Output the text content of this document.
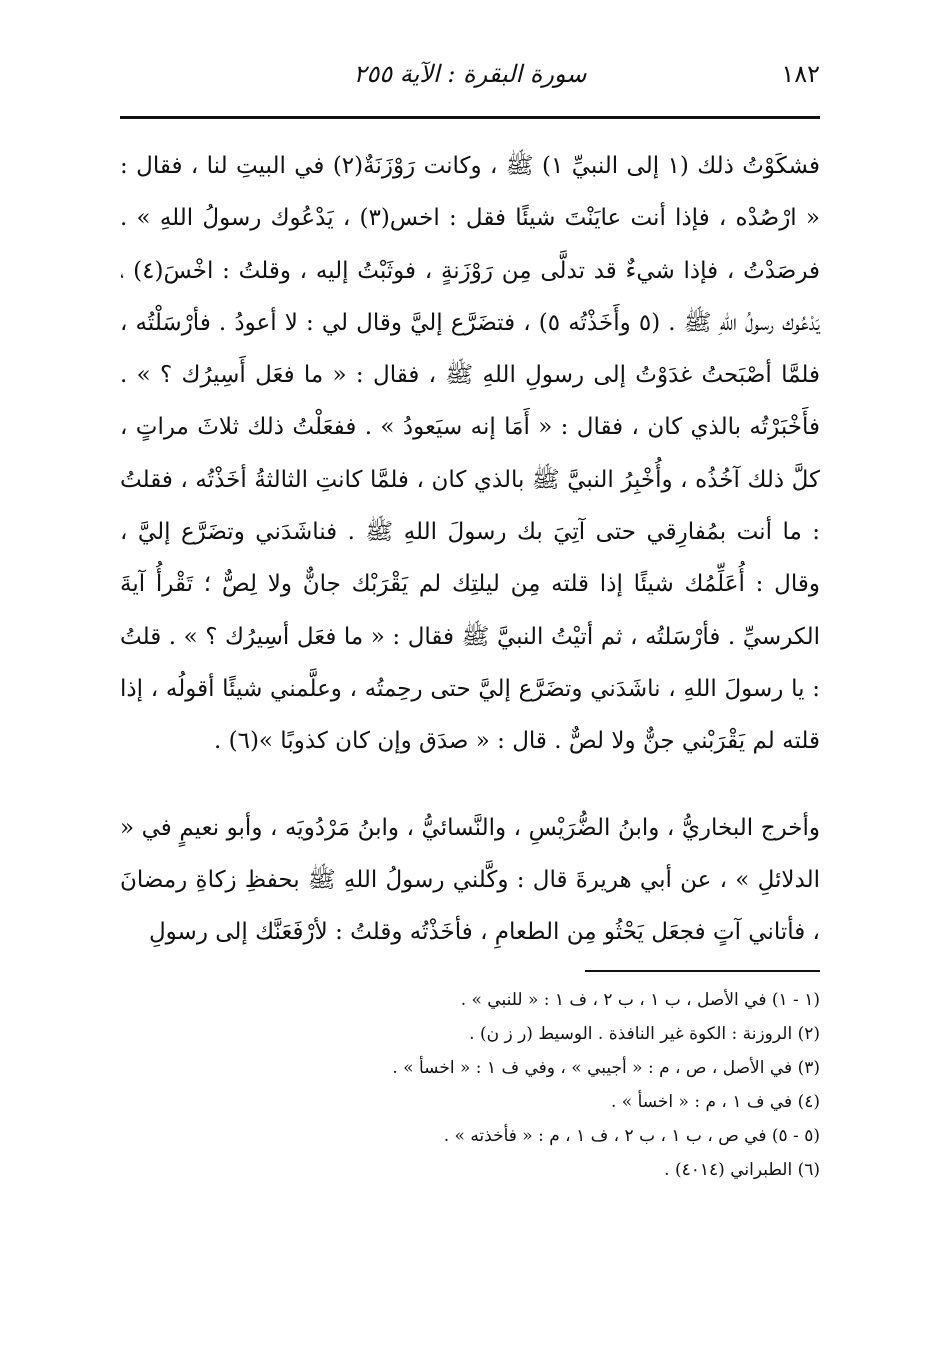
١٨٢
سورة البقرة : الآية ٢٥٥

فشكَوْتُ ذلك (١ إلى النبيِّ ١) ﷺ ، وكانت رَوْزَنَةٌ(٢) في البيتِ لنا ، فقال : « ارْصُدْه ، فإذا أنت عايَنْتَ شيئًا فقل : اخس(٣) ، يَدْعُوك رسولُ اللهِ » . فرصَدْتُ ، فإذا شيءٌ قد تدلَّى مِن رَوْزَنةٍ ، فوثَبْتُ إليه ، وقلتُ : اخْسَ(٤) ، يَدْعُوك رسولُ اللهِ ﷺ . (٥ وأَخَذْتُه ٥) ، فتضَرَّع إليَّ وقال لي : لا أعودُ . فأرْسَلْتُه ، فلمَّا أصْبَحتُ غدَوْتُ إلى رسولِ اللهِ ﷺ ، فقال : « ما فعَل أَسِيرُك ؟ » . فأَخْبَرْتُه بالذي كان ، فقال : « أَمَا إنه سيَعودُ » . ففعَلْتُ ذلك ثلاثَ مراتٍ ، كلَّ ذلك آخُذُه ، وأُخْبِرُ النبيَّ ﷺ بالذي كان ، فلمَّا كانتِ الثالثةُ أخَذْتُه ، فقلتُ : ما أنت بمُفارِقي حتى آتِيَ بك رسولَ اللهِ ﷺ . فناشَدَني وتضَرَّع إليَّ ، وقال : أُعَلِّمُك شيئًا إذا قلته مِن ليلتِك لم يَقْرَبْك جانٌّ ولا لِصٌّ ؛ تَقْرأُ آيةَ الكرسيِّ . فأرْسَلتُه ، ثم أتيْتُ النبيَّ ﷺ فقال : « ما فعَل أسِيرُك ؟ » . قلتُ : يا رسولَ اللهِ ، ناشَدَني وتضَرَّع إليَّ حتى رحِمتُه ، وعلَّمني شيئًا أقولُه ، إذا قلته لم يَقْرَبْني جنٌّ ولا لصٌّ . قال : « صدَق وإن كان كذوبًا »(٦) .

وأخرج البخاريُّ ، وابنُ الضُّرَيْسِ ، والنَّسائيُّ ، وابنُ مَرْدُويَه ، وأبو نعيمٍ في « الدلائلِ » ، عن أبي هريرةَ قال : وكَّلني رسولُ اللهِ ﷺ بحفظِ زكاةِ رمضانَ ، فأتاني آتٍ فجعَل يَحْثُو مِن الطعامِ ، فأخَذْتُه وقلتُ : لأرْفَعَنَّك إلى رسولِ

(١ - ١) في الأصل ، ب ١ ، ب ٢ ، ف ١ : « للنبي » .
(٢) الروزنة : الكوة غير النافذة . الوسيط (ر ز ن) .
(٣) في الأصل ، ص ، م : « أجيبي » ، وفي ف ١ : « اخسأ » .
(٤) في ف ١ ، م : « اخسأ » .
(٥ - ٥) في ص ، ب ١ ، ب ٢ ، ف ١ ، م : « فأخذته » .
(٦) الطبراني (٤٠١٤) .
